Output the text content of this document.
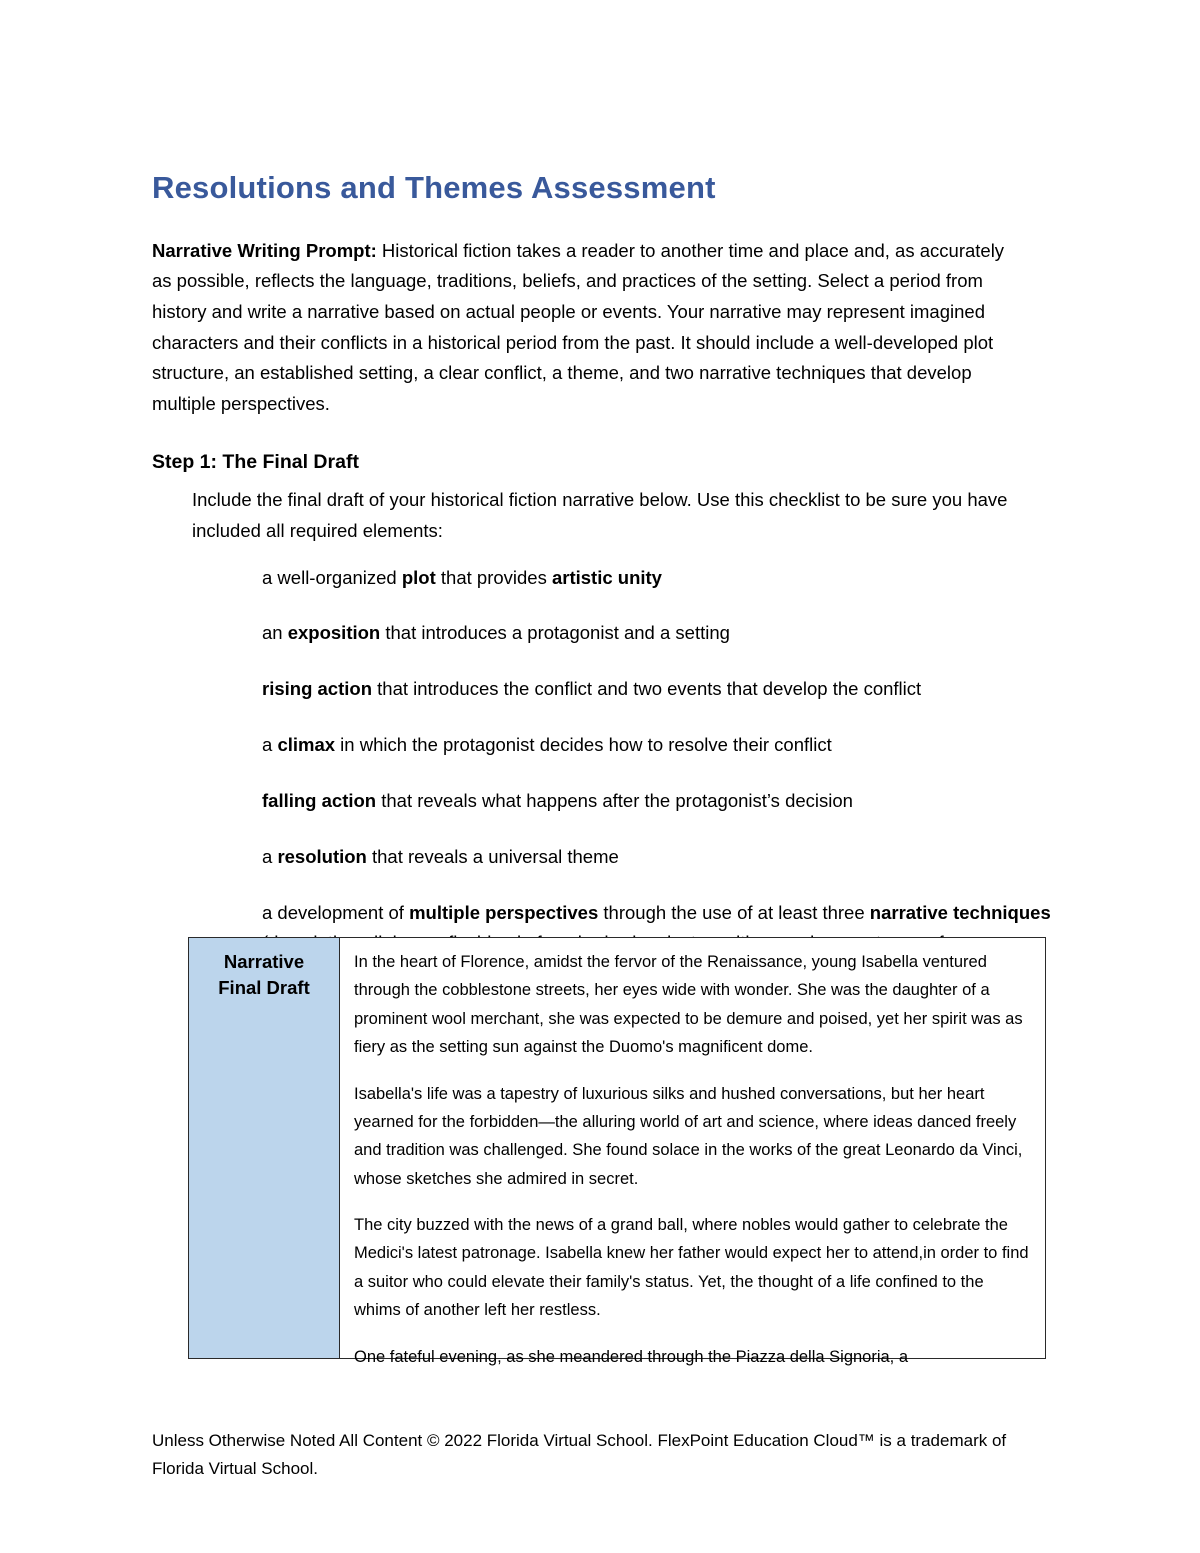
Resolutions and Themes Assessment

Narrative Writing Prompt: Historical fiction takes a reader to another time and place and, as accurately as possible, reflects the language, traditions, beliefs, and practices of the setting. Select a period from history and write a narrative based on actual people or events. Your narrative may represent imagined characters and their conflicts in a historical period from the past. It should include a well-developed plot structure, an established setting, a clear conflict, a theme, and two narrative techniques that develop multiple perspectives.

Step 1: The Final Draft

Include the final draft of your historical fiction narrative below. Use this checklist to be sure you have included all required elements:

a well-organized plot that provides artistic unity
an exposition that introduces a protagonist and a setting
rising action that introduces the conflict and two events that develop the conflict
a climax in which the protagonist decides how to resolve their conflict
falling action that reveals what happens after the protagonist’s decision
a resolution that reveals a universal theme
a development of multiple perspectives through the use of at least three narrative techniques
Narrative
Final Draft

In the heart of Florence, amidst the fervor of the Renaissance, young Isabella ventured through the cobblestone streets, her eyes wide with wonder. She was the daughter of a prominent wool merchant, she was expected to be demure and poised, yet her spirit was as fiery as the setting sun against the Duomo's magnificent dome.

Isabella's life was a tapestry of luxurious silks and hushed conversations, but her heart yearned for the forbidden—the alluring world of art and science, where ideas danced freely and tradition was challenged. She found solace in the works of the great Leonardo da Vinci, whose sketches she admired in secret.

The city buzzed with the news of a grand ball, where nobles would gather to celebrate the Medici's latest patronage. Isabella knew her father would expect her to attend,in order to find a suitor who could elevate their family's status. Yet, the thought of a life confined to the whims of another left her restless.

One fateful evening, as she meandered through the Piazza della Signoria, a

Unless Otherwise Noted All Content © 2022 Florida Virtual School. FlexPoint Education Cloud™ is a trademark of Florida Virtual School.
